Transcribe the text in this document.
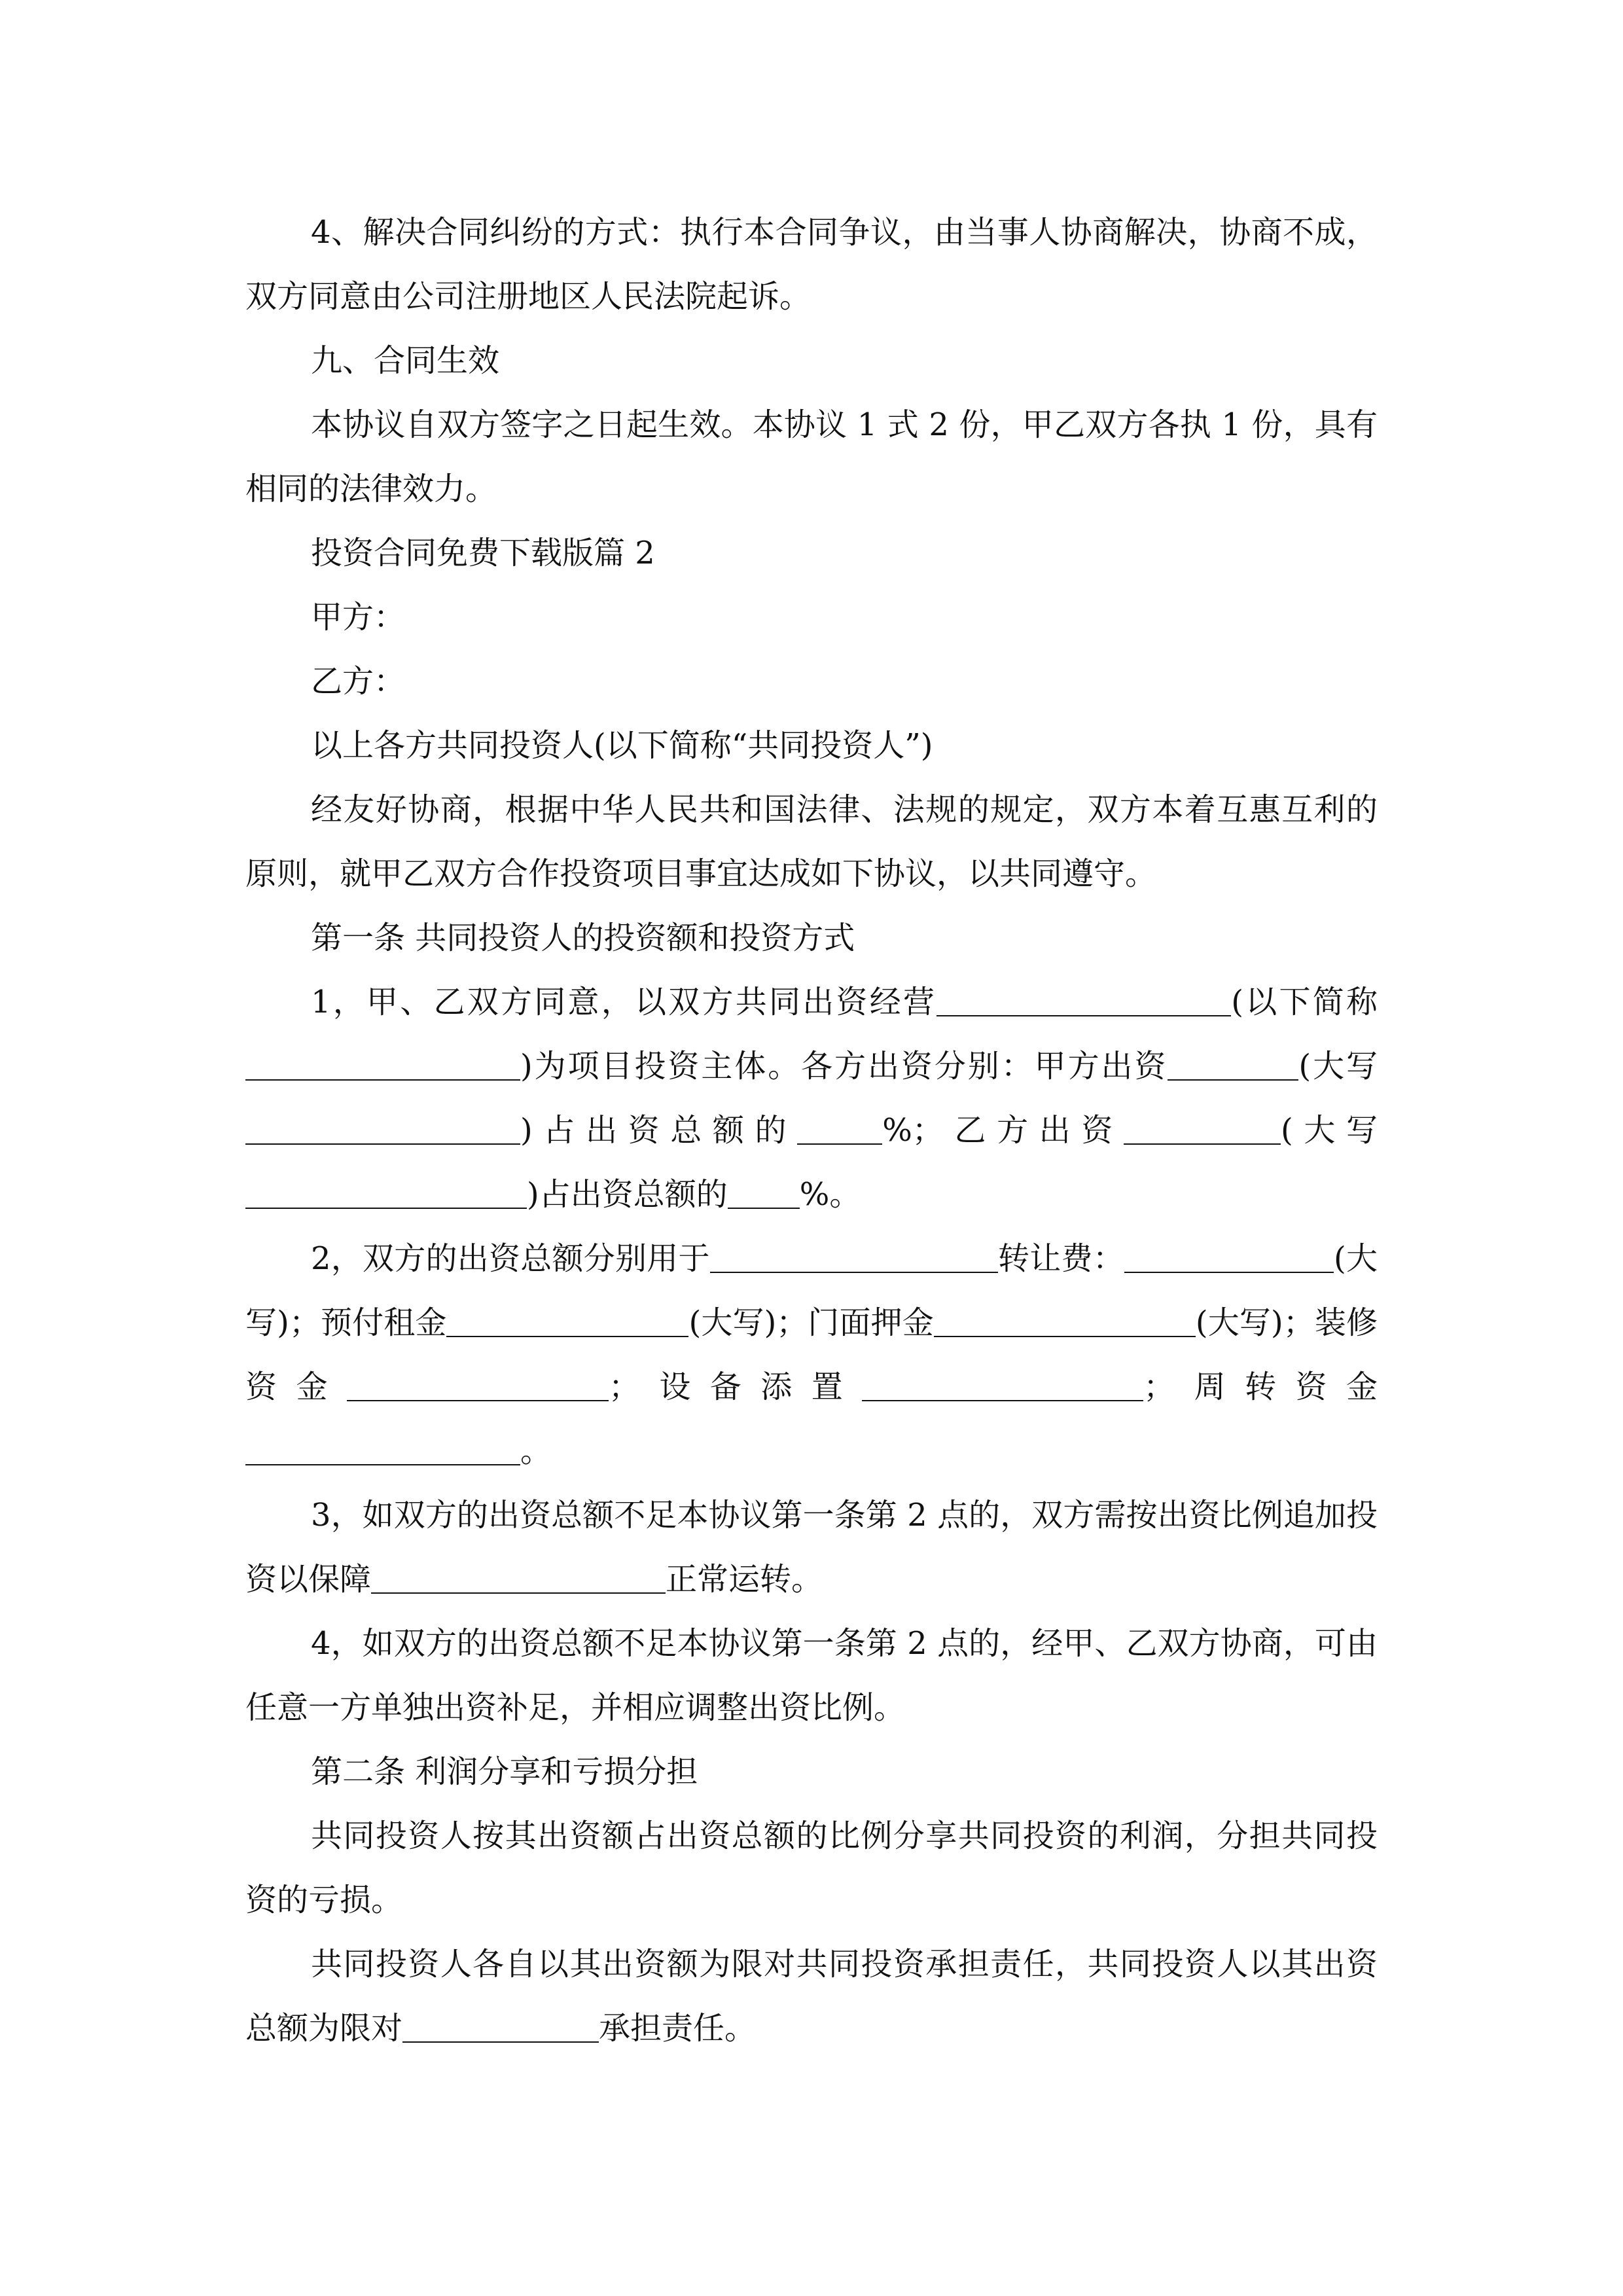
4、解决合同纠纷的方式：执行本合同争议，由当事人协商解决，协商不成，双方同意由公司注册地区人民法院起诉。

九、合同生效

本协议自双方签字之日起生效。本协议 1 式 2 份，甲乙双方各执 1 份，具有相同的法律效力。

投资合同免费下载版篇 2

甲方：

乙方：

以上各方共同投资人(以下简称“共同投资人”)

经友好协商，根据中华人民共和国法律、法规的规定，双方本着互惠互利的原则，就甲乙双方合作投资项目事宜达成如下协议，以共同遵守。

第一条 共同投资人的投资额和投资方式

1，甲、乙双方同意，以双方共同出资经营	(以下简称)为项目投资主体。各方出资分别：甲方出资	(大写)占出资总额的	%；乙方出资	(大写)占出资总额的 %。

2，双方的出资总额分别用于	转让费：	(大写)；预付租金	(大写)；门面押金	(大写)；装修资金	；设备添置	；周转资金。

3，如双方的出资总额不足本协议第一条第 2 点的，双方需按出资比例追加投资以保障	正常运转。

4，如双方的出资总额不足本协议第一条第 2 点的，经甲、乙双方协商，可由任意一方单独出资补足，并相应调整出资比例。

第二条 利润分享和亏损分担

共同投资人按其出资额占出资总额的比例分享共同投资的利润，分担共同投资的亏损。

共同投资人各自以其出资额为限对共同投资承担责任，共同投资人以其出资总额为限对	承担责任。
